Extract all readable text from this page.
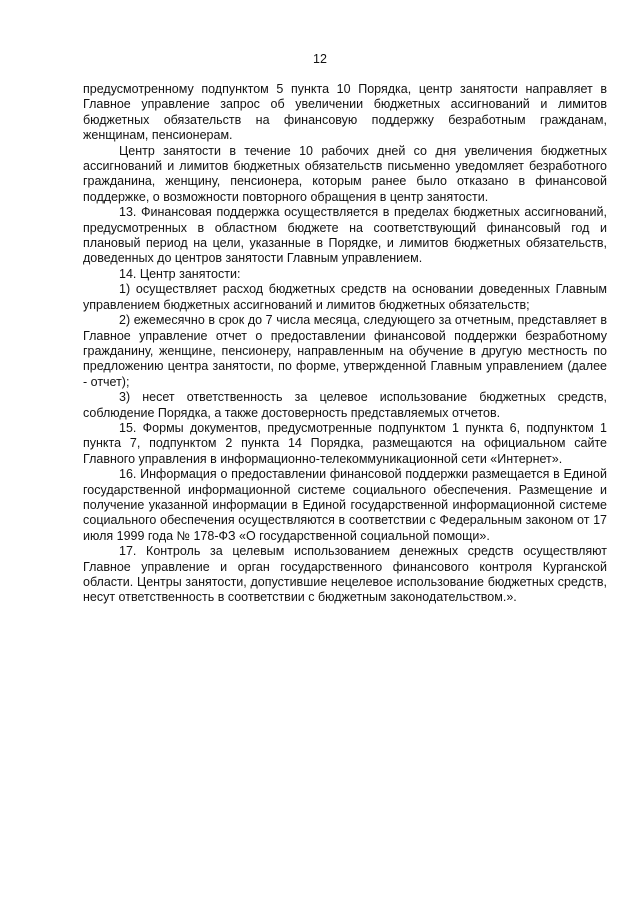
12

предусмотренному подпунктом 5 пункта 10 Порядка, центр занятости направляет в Главное управление запрос об увеличении бюджетных ассигнований и лимитов бюджетных обязательств на финансовую поддержку безработным гражданам, женщинам, пенсионерам.

Центр занятости в течение 10 рабочих дней со дня увеличения бюджетных ассигнований и лимитов бюджетных обязательств письменно уведомляет безработного гражданина, женщину, пенсионера, которым ранее было отказано в финансовой поддержке, о возможности повторного обращения в центр занятости.

13. Финансовая поддержка осуществляется в пределах бюджетных ассигнований, предусмотренных в областном бюджете на соответствующий финансовый год и плановый период на цели, указанные в Порядке, и лимитов бюджетных обязательств, доведенных до центров занятости Главным управлением.

14. Центр занятости:

1) осуществляет расход бюджетных средств на основании доведенных Главным управлением бюджетных ассигнований и лимитов бюджетных обязательств;

2) ежемесячно в срок до 7 числа месяца, следующего за отчетным, представляет в Главное управление отчет о предоставлении финансовой поддержки безработному гражданину, женщине, пенсионеру, направленным на обучение в другую местность по предложению центра занятости, по форме, утвержденной Главным управлением (далее - отчет);

3) несет ответственность за целевое использование бюджетных средств, соблюдение Порядка, а также достоверность представляемых отчетов.

15. Формы документов, предусмотренные подпунктом 1 пункта 6, подпунктом 1 пункта 7, подпунктом 2 пункта 14 Порядка, размещаются на официальном сайте Главного управления в информационно-телекоммуникационной сети «Интернет».

16. Информация о предоставлении финансовой поддержки размещается в Единой государственной информационной системе социального обеспечения. Размещение и получение указанной информации в Единой государственной информационной системе социального обеспечения осуществляются в соответствии с Федеральным законом от 17 июля 1999 года № 178-ФЗ «О государственной социальной помощи».

17. Контроль за целевым использованием денежных средств осуществляют Главное управление и орган государственного финансового контроля Курганской области. Центры занятости, допустившие нецелевое использование бюджетных средств, несут ответственность в соответствии с бюджетным законодательством.».
